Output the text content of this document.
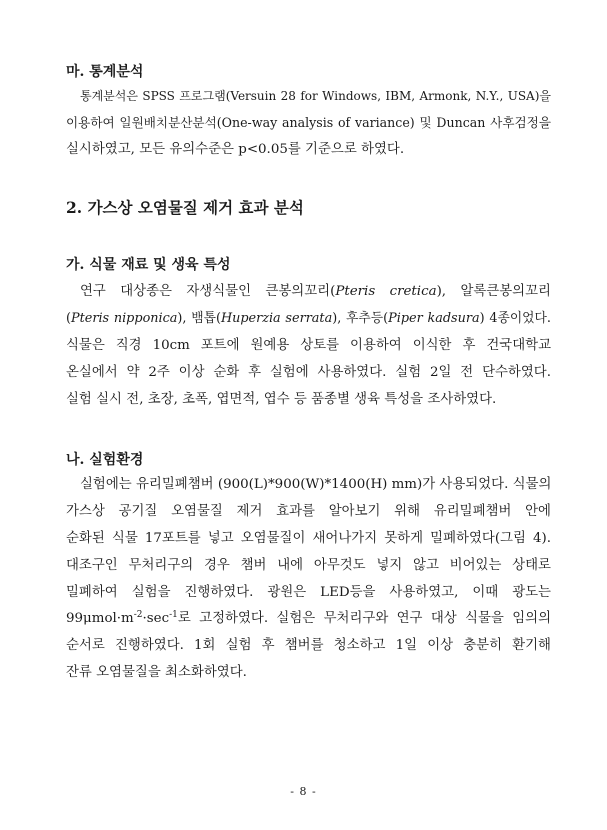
마. 통계분석
통계분석은 SPSS 프로그램(Versuin 28 for Windows, IBM, Armonk, N.Y., USA)을
이용하여 일원배치분산분석(One-way analysis of variance) 및 Duncan 사후검정을
실시하였고, 모든 유의수준은 p<0.05를 기준으로 하였다.
2. 가스상 오염물질 제거 효과 분석
가. 식물 재료 및 생육 특성
연구 대상종은 자생식물인 큰봉의꼬리(Pteris cretica), 알록큰봉의꼬리
(Pteris nipponica), 뱀톱(Huperzia serrata), 후추등(Piper kadsura) 4종이었다.
식물은 직경 10cm 포트에 원예용 상토를 이용하여 이식한 후 건국대학교
온실에서 약 2주 이상 순화 후 실험에 사용하였다. 실험 2일 전 단수하였다.
실험 실시 전, 초장, 초폭, 엽면적, 엽수 등 품종별 생육 특성을 조사하였다.
나. 실험환경
실험에는 유리밀폐챔버 (900(L)*900(W)*1400(H) mm)가 사용되었다. 식물의
가스상 공기질 오염물질 제거 효과를 알아보기 위해 유리밀폐챔버 안에
순화된 식물 17포트를 넣고 오염물질이 새어나가지 못하게 밀폐하였다(그림 4).
대조구인 무처리구의 경우 챔버 내에 아무것도 넣지 않고 비어있는 상태로
밀폐하여 실험을 진행하였다. 광원은 LED등을 사용하였고, 이때 광도는
$99\mu mol\cdot m^{-2}\cdot\sec^{-1}$로 고정하였다. 실험은 무처리구와 연구 대상 식물을 임의의
순서로 진행하였다. 1회 실험 후 챔버를 청소하고 1일 이상 충분히 환기해
잔류 오염물질을 최소화하였다.
- 8 -
